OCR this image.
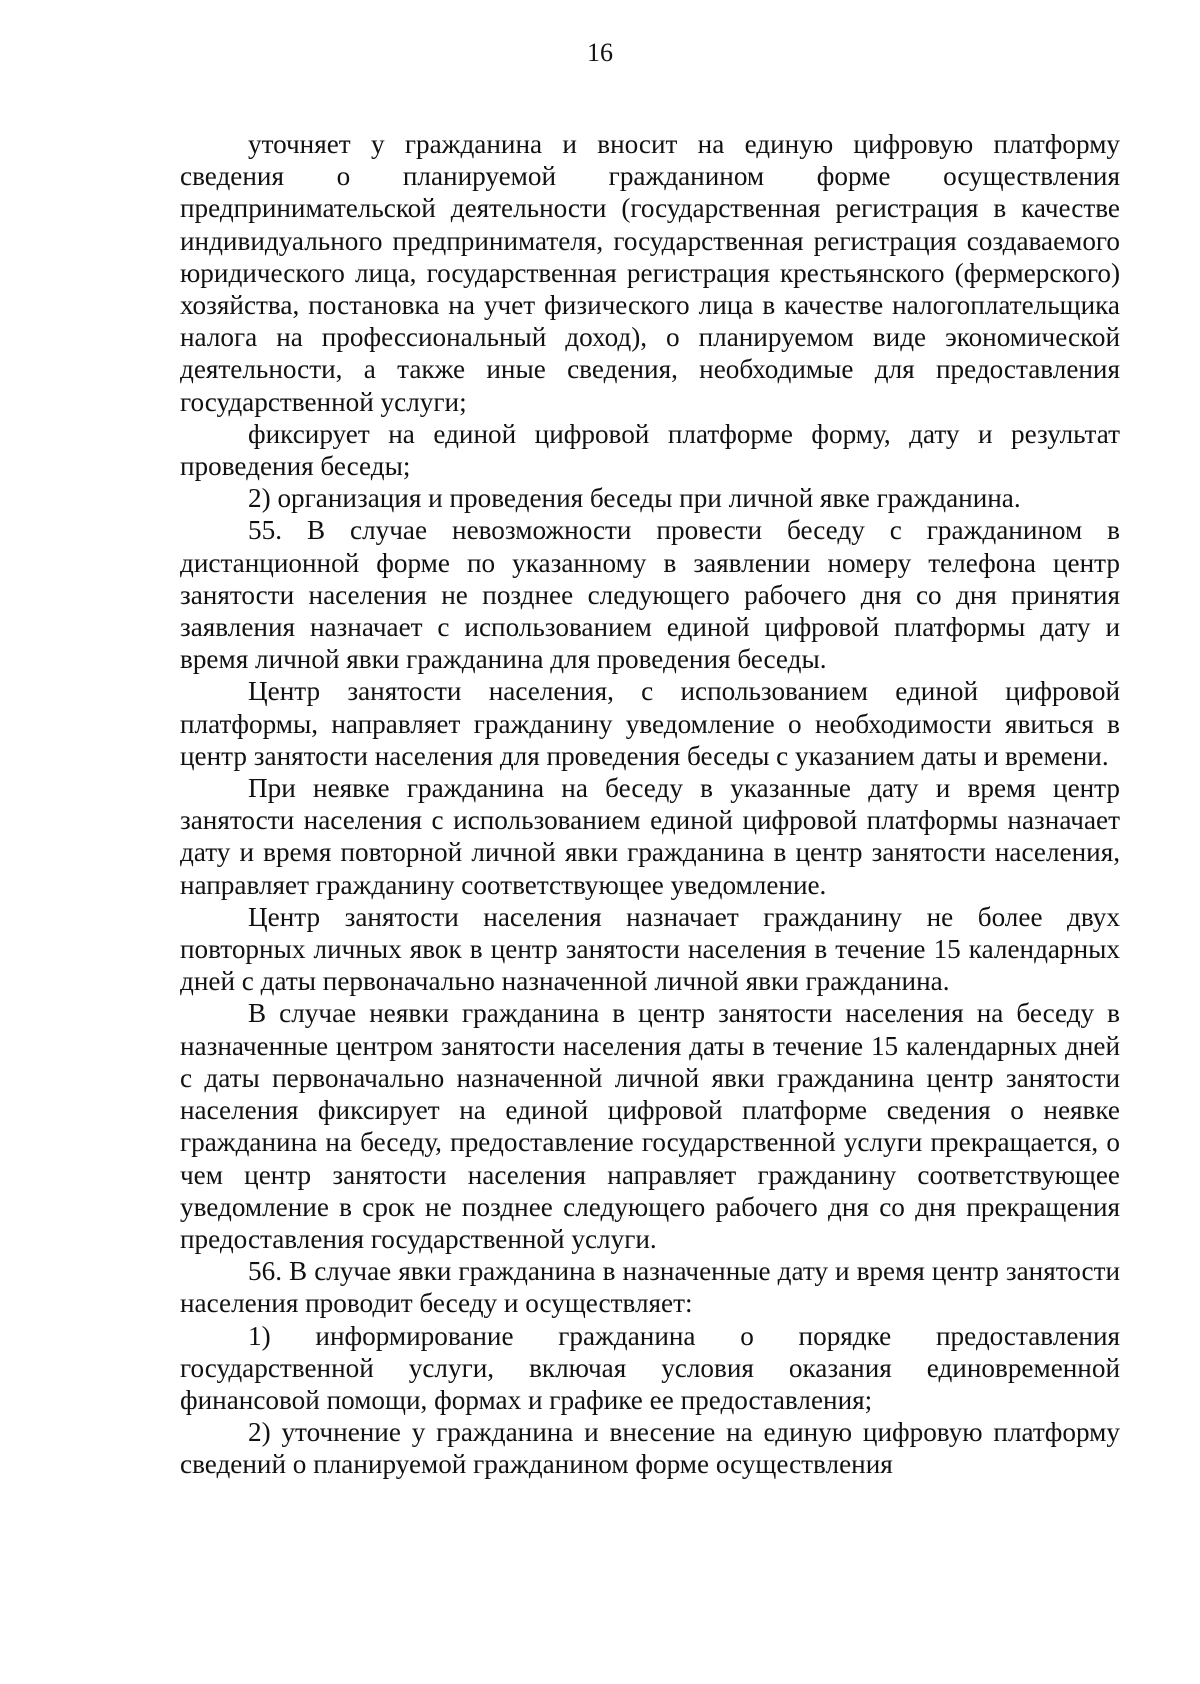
16

уточняет у гражданина и вносит на единую цифровую платформу сведения о планируемой гражданином форме осуществления предпринимательской деятельности (государственная регистрация в качестве индивидуального предпринимателя, государственная регистрация создаваемого юридического лица, государственная регистрация крестьянского (фермерского) хозяйства, постановка на учет физического лица в качестве налогоплательщика налога на профессиональный доход), о планируемом виде экономической деятельности, а также иные сведения, необходимые для предоставления государственной услуги;

фиксирует на единой цифровой платформе форму, дату и результат проведения беседы;

2) организация и проведения беседы при личной явке гражданина.

55. В случае невозможности провести беседу с гражданином в дистанционной форме по указанному в заявлении номеру телефона центр занятости населения не позднее следующего рабочего дня со дня принятия заявления назначает с использованием единой цифровой платформы дату и время личной явки гражданина для проведения беседы.

Центр занятости населения, с использованием единой цифровой платформы, направляет гражданину уведомление о необходимости явиться в центр занятости населения для проведения беседы с указанием даты и времени.

При неявке гражданина на беседу в указанные дату и время центр занятости населения с использованием единой цифровой платформы назначает дату и время повторной личной явки гражданина в центр занятости населения, направляет гражданину соответствующее уведомление.

Центр занятости населения назначает гражданину не более двух повторных личных явок в центр занятости населения в течение 15 календарных дней с даты первоначально назначенной личной явки гражданина.

В случае неявки гражданина в центр занятости населения на беседу в назначенные центром занятости населения даты в течение 15 календарных дней с даты первоначально назначенной личной явки гражданина центр занятости населения фиксирует на единой цифровой платформе сведения о неявке гражданина на беседу, предоставление государственной услуги прекращается, о чем центр занятости населения направляет гражданину соответствующее уведомление в срок не позднее следующего рабочего дня со дня прекращения предоставления государственной услуги.

56. В случае явки гражданина в назначенные дату и время центр занятости населения проводит беседу и осуществляет:

1) информирование гражданина о порядке предоставления государственной услуги, включая условия оказания единовременной финансовой помощи, формах и графике ее предоставления;

2) уточнение у гражданина и внесение на единую цифровую платформу сведений о планируемой гражданином форме осуществления
